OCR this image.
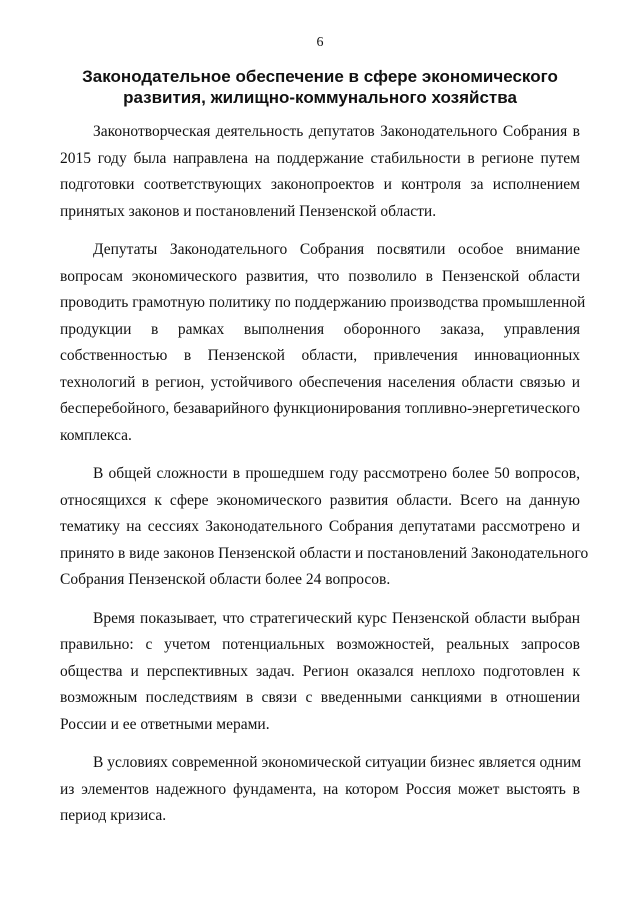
6
Законодательное обеспечение в сфере экономического
развития, жилищно-коммунального хозяйства

Законотворческая деятельность депутатов Законодательного Собрания в
2015 году была направлена на поддержание стабильности в регионе путем
подготовки соответствующих законопроектов и контроля за исполнением
принятых законов и постановлений Пензенской области.

Депутаты Законодательного Собрания посвятили особое внимание
вопросам экономического развития, что позволило в Пензенской области
проводить грамотную политику по поддержанию производства промышленной
продукции в рамках выполнения оборонного заказа, управления
собственностью в Пензенской области, привлечения инновационных
технологий в регион, устойчивого обеспечения населения области связью и
бесперебойного, безаварийного функционирования топливно-энергетического
комплекса.

В общей сложности в прошедшем году рассмотрено более 50 вопросов,
относящихся к сфере экономического развития области. Всего на данную
тематику на сессиях Законодательного Собрания депутатами рассмотрено и
принято в виде законов Пензенской области и постановлений Законодательного
Собрания Пензенской области более 24 вопросов.

Время показывает, что стратегический курс Пензенской области выбран
правильно: с учетом потенциальных возможностей, реальных запросов
общества и перспективных задач. Регион оказался неплохо подготовлен к
возможным последствиям в связи с введенными санкциями в отношении
России и ее ответными мерами.

В условиях современной экономической ситуации бизнес является одним
из элементов надежного фундамента, на котором Россия может выстоять в
период кризиса.
